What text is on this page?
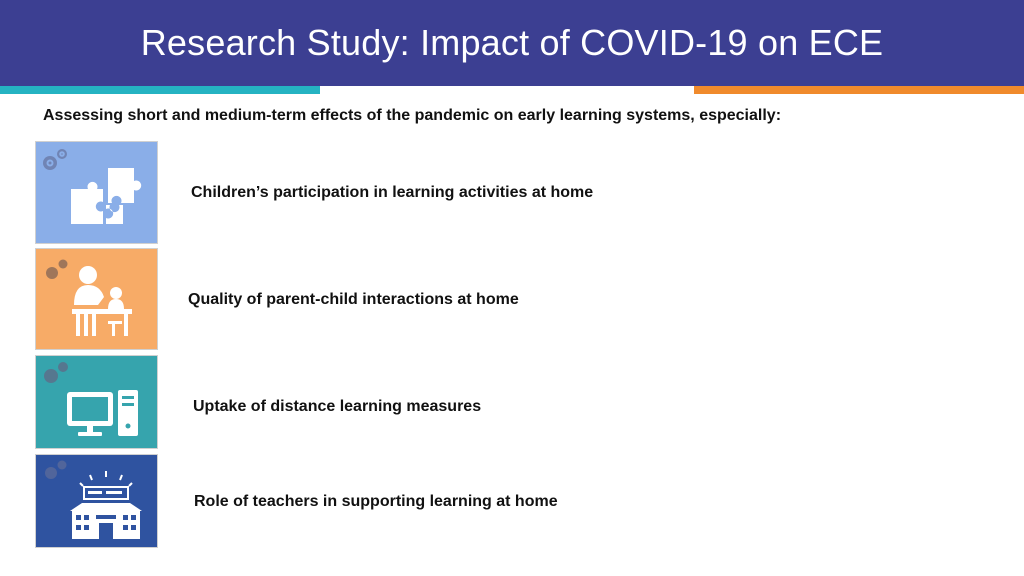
Research Study: Impact of COVID-19 on ECE
Assessing short and medium-term effects of the pandemic on early learning systems, especially:
Children’s participation in learning activities at home
Quality of parent-child interactions at home
Uptake of distance learning measures
Role of teachers in supporting learning at home
